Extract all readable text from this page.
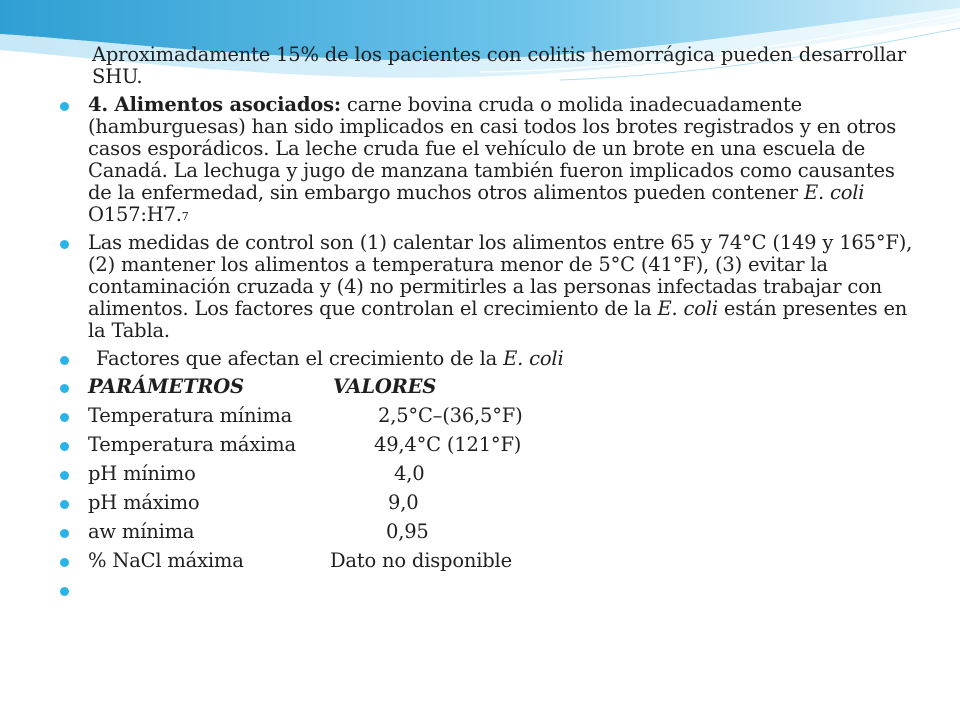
Aproximadamente 15% de los pacientes con colitis hemorrágica pueden desarrollar SHU.

4. Alimentos asociados: carne bovina cruda o molida inadecuadamente (hamburguesas) han sido implicados en casi todos los brotes registrados y en otros casos esporádicos. La leche cruda fue el vehículo de un brote en una escuela de Canadá. La lechuga y jugo de manzana también fueron implicados como causantes de la enfermedad, sin embargo muchos otros alimentos pueden contener E. coli O157:H7.$^7$

Las medidas de control son (1) calentar los alimentos entre 65 y 74°C (149 y 165°F), (2) mantener los alimentos a temperatura menor de 5°C (41°F), (3) evitar la contaminación cruzada y (4) no permitirles a las personas infectadas trabajar con alimentos. Los factores que controlan el crecimiento de la E. coli están presentes en la Tabla.

Factores que afectan el crecimiento de la E. coli

PARÁMETROS	VALORES
Temperatura mínima	2,5°C–(36,5°F)
Temperatura máxima	49,4°C (121°F)
pH mínimo	4,0
pH máximo	9,0
aw mínima	0,95
% NaCl máxima	Dato no disponible
